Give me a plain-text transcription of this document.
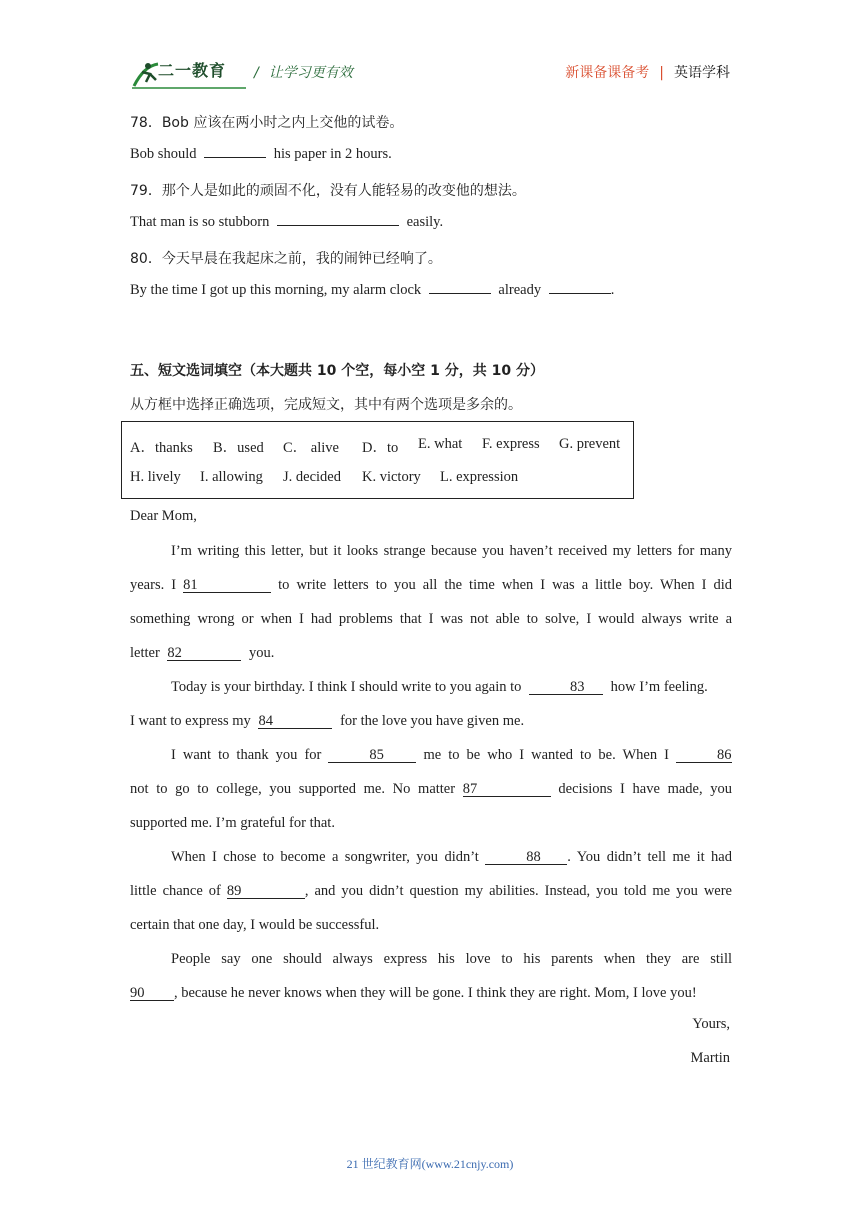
二一教育 / 让学习更有效	新课备课备考 | 英语学科
78．Bob 应该在两小时之内上交他的试卷。
Bob should	his paper in 2 hours.
79．那个人是如此的顽固不化，没有人能轻易的改变他的想法。
That man is so stubborn	easily.
80．今天早晨在我起床之前，我的闹钟已经响了。
By the time I got up this morning, my alarm clock	already	.
五、短文选词填空（本大题共 10 个空，每小空 1 分，共 10 分）
从方框中选择正确选项，完成短文，其中有两个选项是多余的。
A．thanks B．used C． alive D．to E. what F. express G. prevent
H. lively I. allowing J. decided K. victory L. expression
Dear Mom,
I’m writing this letter, but it looks strange because you haven’t received my letters for many
years. I 81	to write letters to you all the time when I was a little boy. When I did
something wrong or when I had problems that I was not able to solve, I would always write a
letter 82	you.
Today is your birthday. I think I should write to you again to	83 how I’m feeling.
I want to express my 84	for the love you have given me.
I want to thank you for	85	me to be who I wanted to be. When I	86
not to go to college, you supported me. No matter 87	decisions I have made, you
supported me. I’m grateful for that.
When I chose to become a songwriter, you didn’t	88 . You didn’t tell me it had
little chance of 89	, and you didn’t question my abilities. Instead, you told me you were
certain that one day, I would be successful.
People say one should always express his love to his parents when they are still
90 , because he never knows when they will be gone. I think they are right. Mom, I love you!
Yours,
Martin
21 世纪教育网(www.21cnjy.com)
